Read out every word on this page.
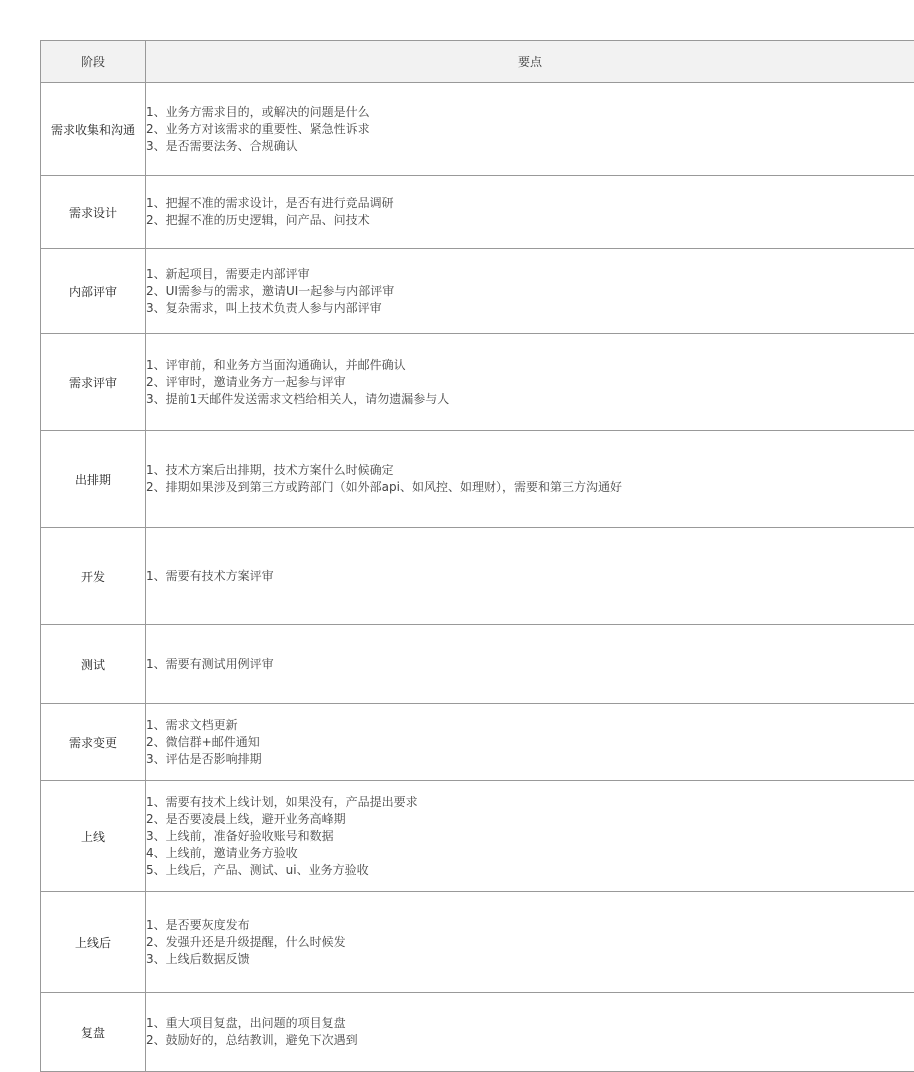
阶段	要点
需求收集和沟通	1、业务方需求目的，或解决的问题是什么
2、业务方对该需求的重要性、紧急性诉求
3、是否需要法务、合规确认

需求设计	1、把握不准的需求设计，是否有进行竞品调研
2、把握不准的历史逻辑，问产品、问技术

内部评审	1、新起项目，需要走内部评审
2、UI需参与的需求，邀请UI一起参与内部评审
3、复杂需求，叫上技术负责人参与内部评审

需求评审	1、评审前，和业务方当面沟通确认，并邮件确认
2、评审时，邀请业务方一起参与评审
3、提前1天邮件发送需求文档给相关人，请勿遗漏参与人

出排期	1、技术方案后出排期，技术方案什么时候确定
2、排期如果涉及到第三方或跨部门（如外部api、如风控、如理财），需要和第三方沟通好

开发	1、需要有技术方案评审

测试	1、需要有测试用例评审

需求变更	1、需求文档更新
2、微信群+邮件通知
3、评估是否影响排期

上线	1、需要有技术上线计划，如果没有，产品提出要求
2、是否要凌晨上线，避开业务高峰期
3、上线前，准备好验收账号和数据
4、上线前，邀请业务方验收
5、上线后，产品、测试、ui、业务方验收

上线后	1、是否要灰度发布
2、发强升还是升级提醒，什么时候发
3、上线后数据反馈

复盘	1、重大项目复盘，出问题的项目复盘
2、鼓励好的，总结教训，避免下次遇到
